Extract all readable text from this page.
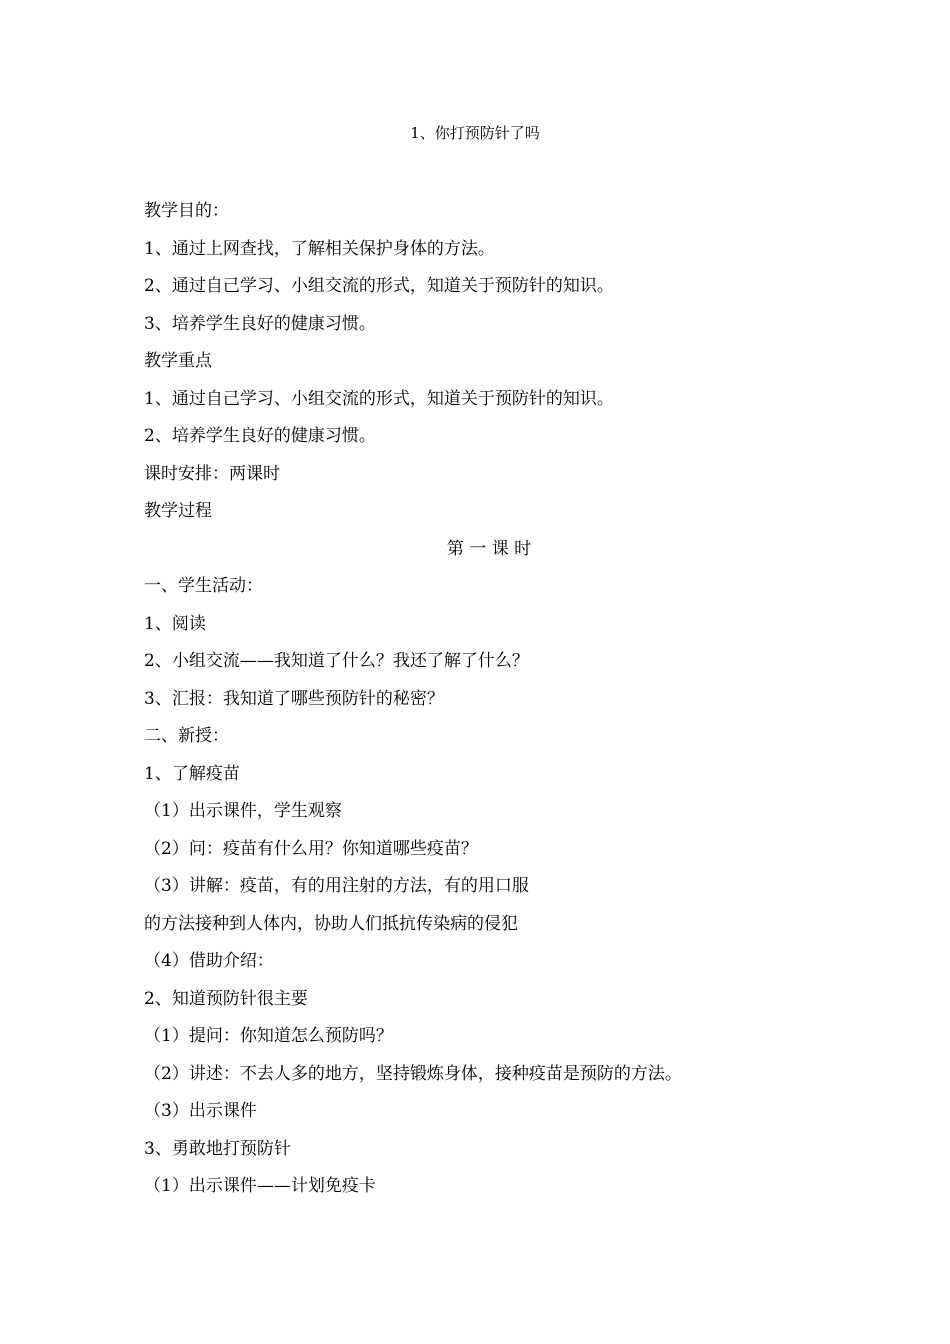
1、你打预防针了吗
教学目的：
1、通过上网查找，了解相关保护身体的方法。
2、通过自己学习、小组交流的形式，知道关于预防针的知识。
3、培养学生良好的健康习惯。
教学重点
1、通过自己学习、小组交流的形式，知道关于预防针的知识。
2、培养学生良好的健康习惯。
课时安排：两课时
教学过程
第 一 课 时
一、学生活动：
1、阅读
2、小组交流——我知道了什么？我还了解了什么？
3、汇报：我知道了哪些预防针的秘密？
二、新授：
1、了解疫苗
（1）出示课件，学生观察
（2）问：疫苗有什么用？你知道哪些疫苗？
（3）讲解：疫苗，有的用注射的方法，有的用口服
的方法接种到人体内，协助人们抵抗传染病的侵犯
（4）借助介绍：
2、知道预防针很主要
（1）提问：你知道怎么预防吗？
（2）讲述：不去人多的地方，坚持锻炼身体，接种疫苗是预防的方法。
（3）出示课件
3、勇敢地打预防针
（1）出示课件——计划免疫卡
